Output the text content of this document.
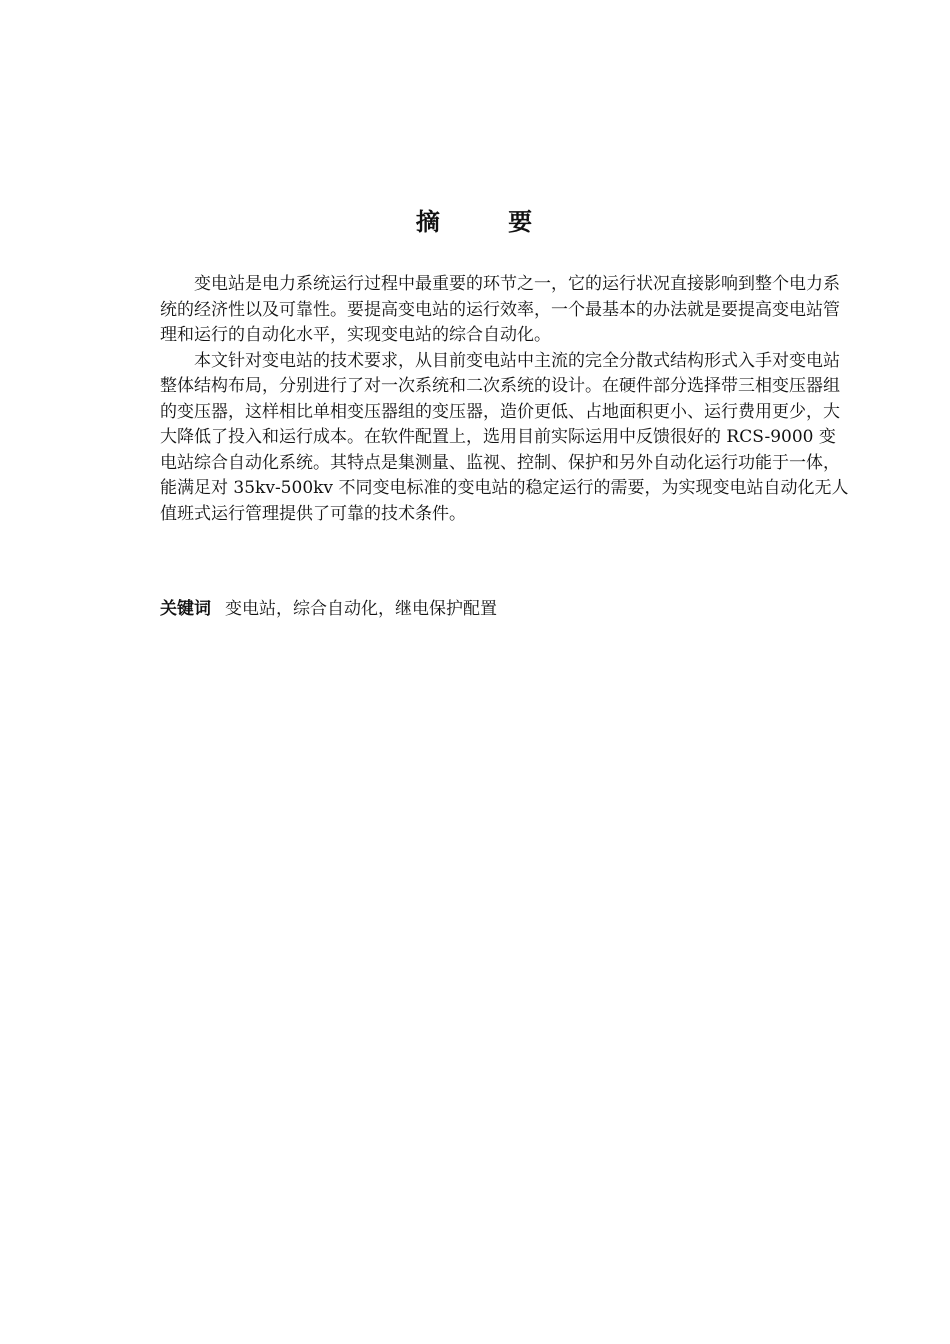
摘 要

变电站是电力系统运行过程中最重要的环节之一，它的运行状况直接影响到整个电力系统的经济性以及可靠性。要提高变电站的运行效率，一个最基本的办法就是要提高变电站管理和运行的自动化水平，实现变电站的综合自动化。

本文针对变电站的技术要求，从目前变电站中主流的完全分散式结构形式入手对变电站整体结构布局，分别进行了对一次系统和二次系统的设计。在硬件部分选择带三相变压器组的变压器，这样相比单相变压器组的变压器，造价更低、占地面积更小、运行费用更少，大大降低了投入和运行成本。在软件配置上，选用目前实际运用中反馈很好的 RCS-9000 变电站综合自动化系统。其特点是集测量、监视、控制、保护和另外自动化运行功能于一体，能满足对 35kv-500kv 不同变电标准的变电站的稳定运行的需要，为实现变电站自动化无人值班式运行管理提供了可靠的技术条件。

关键词 变电站，综合自动化，继电保护配置
